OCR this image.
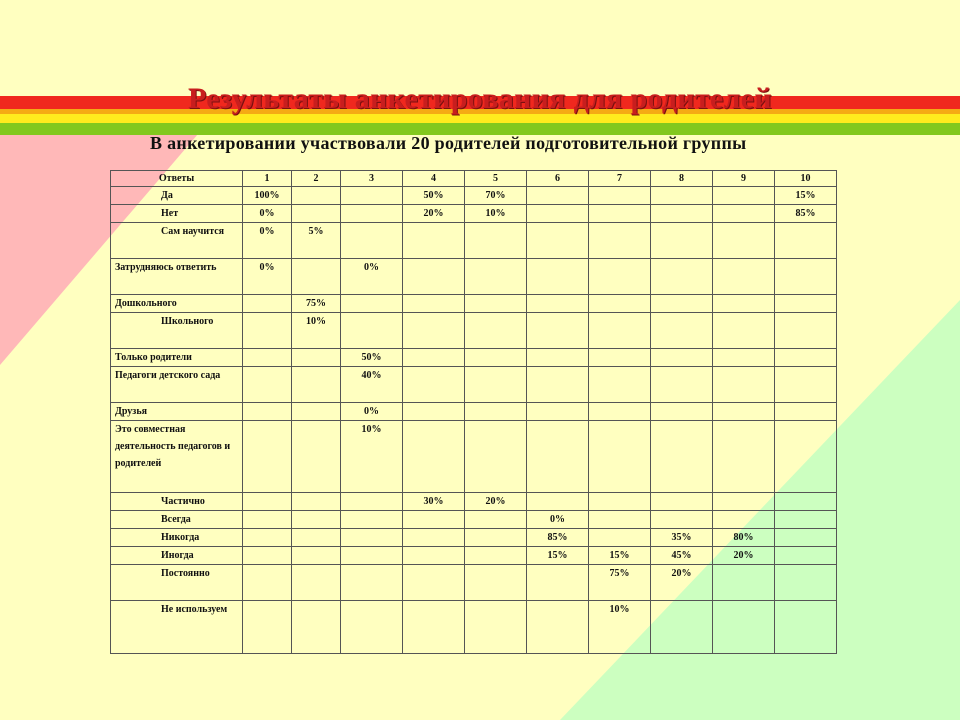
Результаты анкетирования для родителей
В анкетировании участвовали 20 родителей подготовительной группы
Ответы	1	2	3	4	5	6	7	8	9	10
Да	100%			50%	70%					15%
Нет	0%			20%	10%					85%
Сам научится	0%	5%								
Затрудняюсь ответить	0%		0%							
Дошкольного		75%								
Школьного		10%								
Только родители			50%							
Педагоги детского сада			40%							
Друзья			0%							
Это совместная деятельность педагогов и родителей			10%							
Частично				30%	20%					
Всегда						0%				
Никогда						85%		35%	80%	
Иногда						15%	15%	45%	20%	
Постоянно							75%	20%		
Не используем							10%			
